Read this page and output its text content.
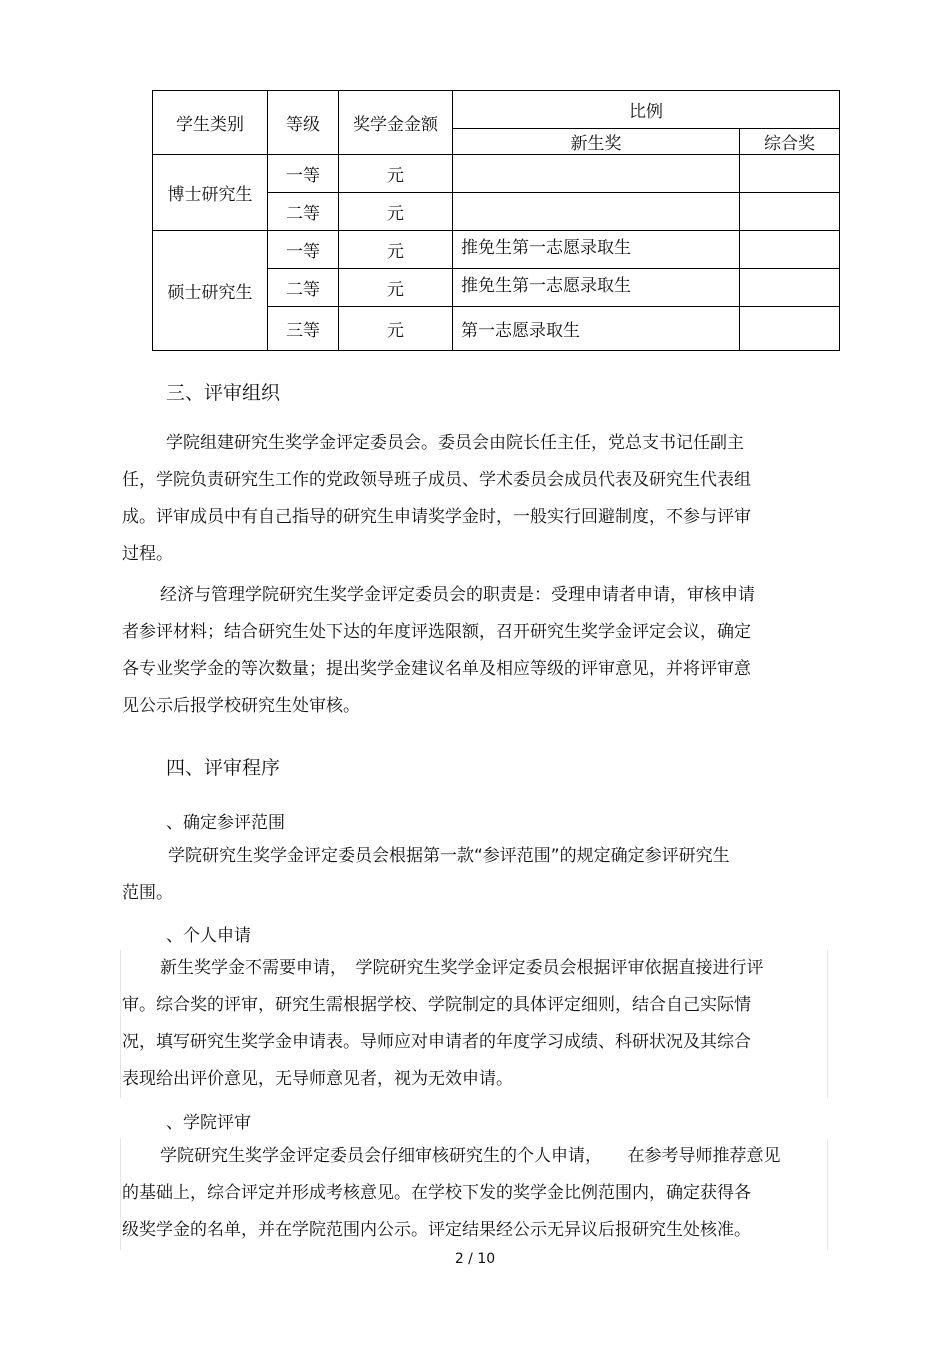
学生类别	等级	奖学金金额	比例	
			新生奖	综合奖
博士研究生	一等	元		
	二等	元		
硕士研究生	一等	元	推免生第一志愿录取生	
	二等	元	推免生第一志愿录取生	
	三等	元	第一志愿录取生	
三、评审组织
学院组建研究生奖学金评定委员会。委员会由院长任主任，党总支书记任副主
任，学院负责研究生工作的党政领导班子成员、学术委员会成员代表及研究生代表组
成。评审成员中有自己指导的研究生申请奖学金时，一般实行回避制度，不参与评审
过程。
经济与管理学院研究生奖学金评定委员会的职责是：受理申请者申请，审核申请
者参评材料；结合研究生处下达的年度评选限额，召开研究生奖学金评定会议，确定
各专业奖学金的等次数量；提出奖学金建议名单及相应等级的评审意见，并将评审意
见公示后报学校研究生处审核。
四、评审程序
、确定参评范围
学院研究生奖学金评定委员会根据第一款“参评范围”的规定确定参评研究生
范围。
、个人申请
新生奖学金不需要申请，　学院研究生奖学金评定委员会根据评审依据直接进行评
审。综合奖的评审，研究生需根据学校、学院制定的具体评定细则，结合自己实际情
况，填写研究生奖学金申请表。导师应对申请者的年度学习成绩、科研状况及其综合
表现给出评价意见，无导师意见者，视为无效申请。
、学院评审
学院研究生奖学金评定委员会仔细审核研究生的个人申请，　　在参考导师推荐意见
的基础上，综合评定并形成考核意见。在学校下发的奖学金比例范围内，确定获得各
级奖学金的名单，并在学院范围内公示。评定结果经公示无异议后报研究生处核准。
2 / 10
